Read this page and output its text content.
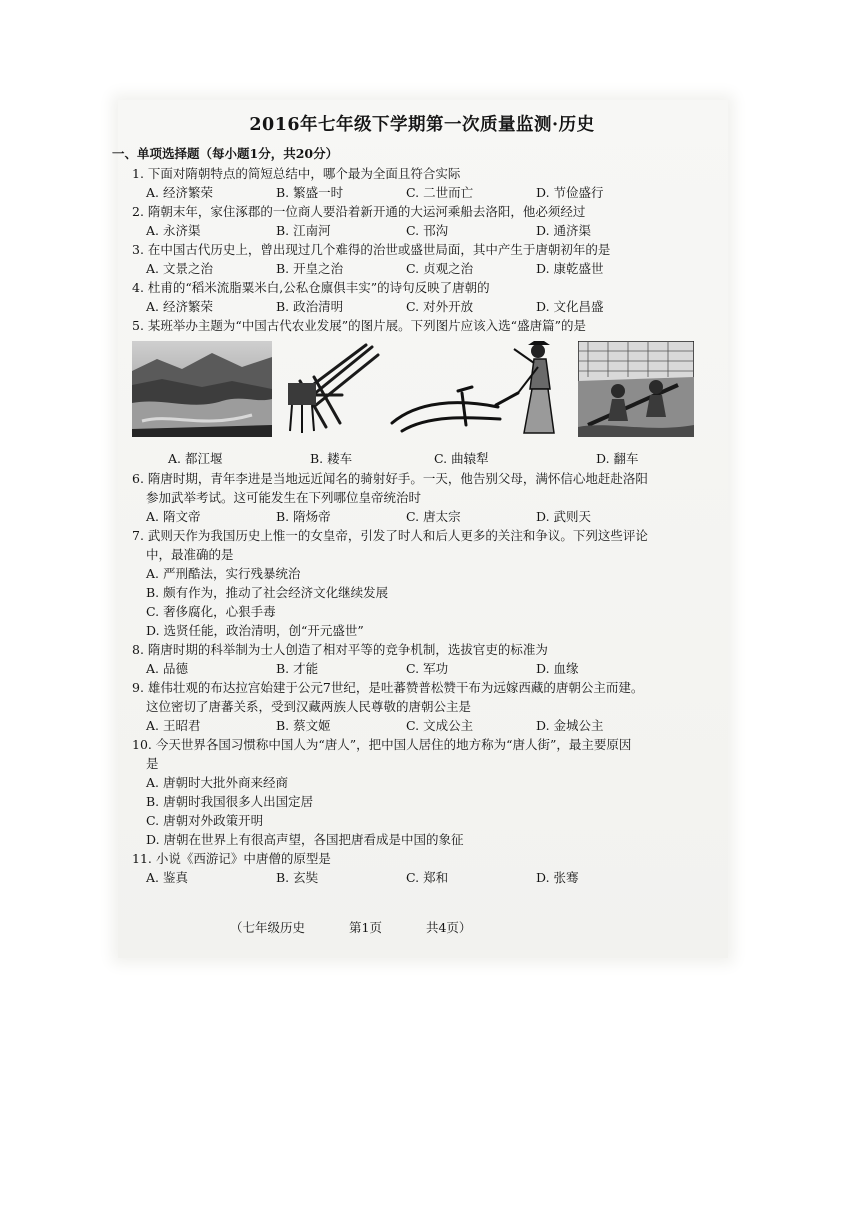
2016年七年级下学期第一次质量监测·历史
一、单项选择题（每小题1分，共20分）
1. 下面对隋朝特点的简短总结中，哪个最为全面且符合实际
A. 经济繁荣	B. 繁盛一时	C. 二世而亡	D. 节俭盛行
2. 隋朝末年，家住涿郡的一位商人要沿着新开通的大运河乘船去洛阳，他必须经过
A. 永济渠	B. 江南河	C. 邗沟	D. 通济渠
3. 在中国古代历史上，曾出现过几个难得的治世或盛世局面，其中产生于唐朝初年的是
A. 文景之治	B. 开皇之治	C. 贞观之治	D. 康乾盛世
4. 杜甫的“稻米流脂粟米白,公私仓廪俱丰实”的诗句反映了唐朝的
A. 经济繁荣	B. 政治清明	C. 对外开放	D. 文化昌盛
5. 某班举办主题为“中国古代农业发展”的图片展。下列图片应该入选“盛唐篇”的是
A. 都江堰	B. 耧车	C. 曲辕犁	D. 翻车
6. 隋唐时期，青年李进是当地远近闻名的骑射好手。一天，他告别父母，满怀信心地赶赴洛阳
参加武举考试。这可能发生在下列哪位皇帝统治时
A. 隋文帝	B. 隋炀帝	C. 唐太宗	D. 武则天
7. 武则天作为我国历史上惟一的女皇帝，引发了时人和后人更多的关注和争议。下列这些评论
中，最准确的是
A. 严刑酷法，实行残暴统治
B. 颇有作为，推动了社会经济文化继续发展
C. 奢侈腐化，心狠手毒
D. 选贤任能，政治清明，创“开元盛世”
8. 隋唐时期的科举制为士人创造了相对平等的竞争机制，选拔官吏的标准为
A. 品德	B. 才能	C. 军功	D. 血缘
9. 雄伟壮观的布达拉宫始建于公元7世纪，是吐蕃赞普松赞干布为远嫁西藏的唐朝公主而建。
这位密切了唐蕃关系，受到汉藏两族人民尊敬的唐朝公主是
A. 王昭君	B. 蔡文姬	C. 文成公主	D. 金城公主
10. 今天世界各国习惯称中国人为“唐人”，把中国人居住的地方称为“唐人街”，最主要原因
是
A. 唐朝时大批外商来经商
B. 唐朝时我国很多人出国定居
C. 唐朝对外政策开明
D. 唐朝在世界上有很高声望，各国把唐看成是中国的象征
11. 小说《西游记》中唐僧的原型是
A. 鉴真	B. 玄奘	C. 郑和	D. 张骞
（七年级历史	第1页	共4页）
